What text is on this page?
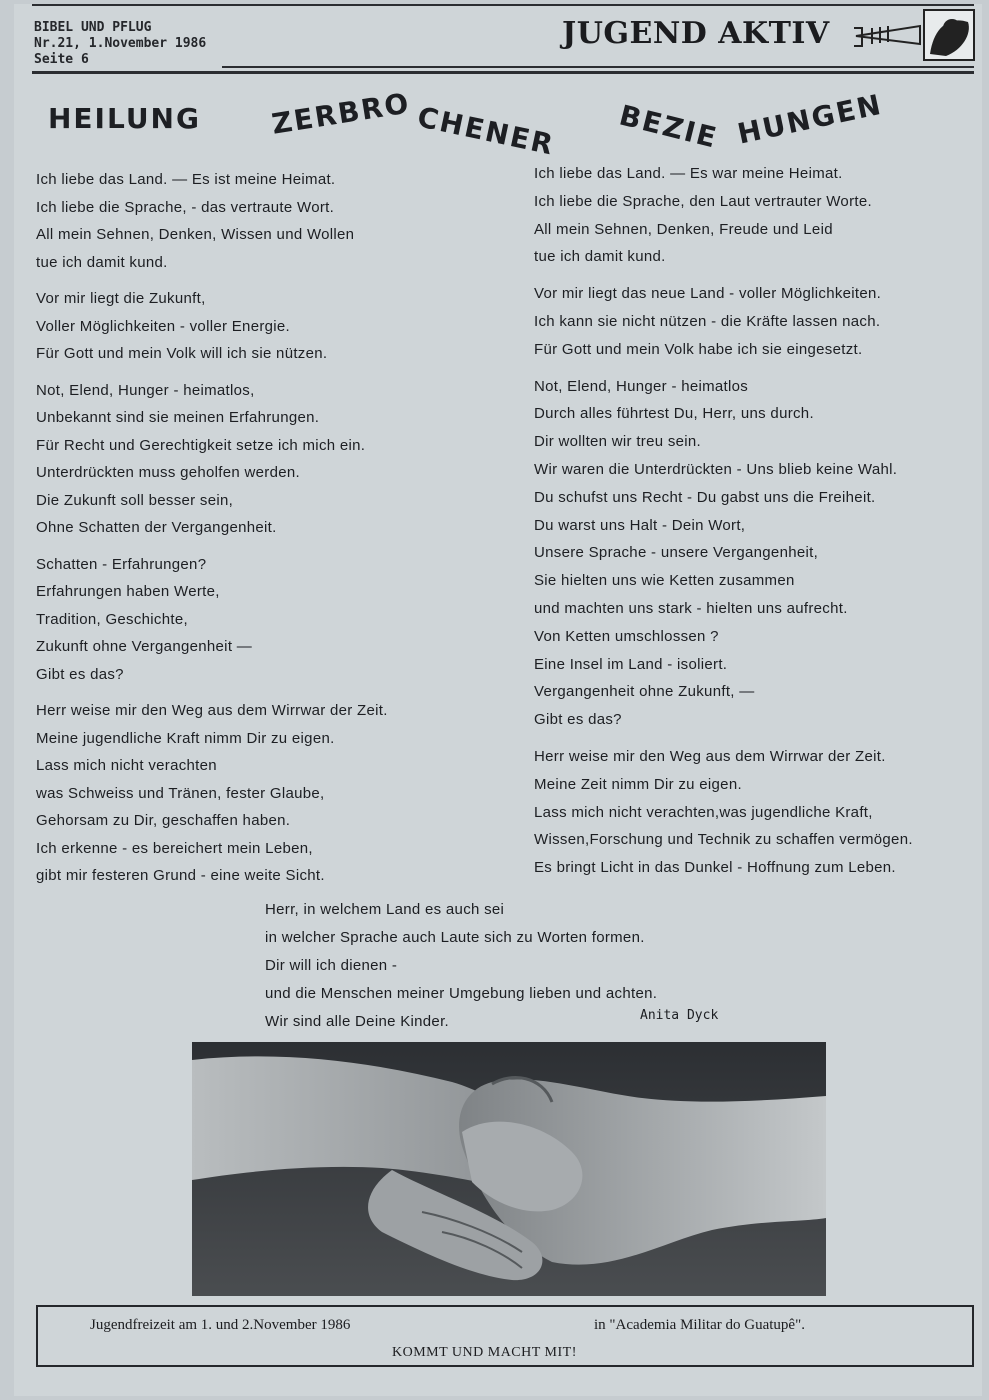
BIBEL UND PFLUG
Nr.21, 1.November 1986
Seite 6
JUGEND AKTIV
HEILUNG ZERBRO CHENER BEZIE HUNGEN
Ich liebe das Land. — Es ist meine Heimat.
Ich liebe die Sprache, - das vertraute Wort.
All mein Sehnen, Denken, Wissen und Wollen
tue ich damit kund.
Vor mir liegt die Zukunft,
Voller Möglichkeiten - voller Energie.
Für Gott und mein Volk will ich sie nützen.
Not, Elend, Hunger - heimatlos,
Unbekannt sind sie meinen Erfahrungen.
Für Recht und Gerechtigkeit setze ich mich ein.
Unterdrückten muss geholfen werden.
Die Zukunft soll besser sein,
Ohne Schatten der Vergangenheit.
Schatten - Erfahrungen?
Erfahrungen haben Werte,
Tradition, Geschichte,
Zukunft ohne Vergangenheit —
Gibt es das?
Herr weise mir den Weg aus dem Wirrwar der Zeit.
Meine jugendliche Kraft nimm Dir zu eigen.
Lass mich nicht verachten
was Schweiss und Tränen, fester Glaube,
Gehorsam zu Dir, geschaffen haben.
Ich erkenne - es bereichert mein Leben,
gibt mir festeren Grund - eine weite Sicht.
Ich liebe das Land. — Es war meine Heimat.
Ich liebe die Sprache, den Laut vertrauter Worte.
All mein Sehnen, Denken, Freude und Leid
tue ich damit kund.
Vor mir liegt das neue Land - voller Möglichkeiten.
Ich kann sie nicht nützen - die Kräfte lassen nach.
Für Gott und mein Volk habe ich sie eingesetzt.
Not, Elend, Hunger - heimatlos
Durch alles führtest Du, Herr, uns durch.
Dir wollten wir treu sein.
Wir waren die Unterdrückten - Uns blieb keine Wahl.
Du schufst uns Recht - Du gabst uns die Freiheit.
Du warst uns Halt - Dein Wort,
Unsere Sprache - unsere Vergangenheit,
Sie hielten uns wie Ketten zusammen
und machten uns stark - hielten uns aufrecht.
Von Ketten umschlossen ?
Eine Insel im Land - isoliert.
Vergangenheit ohne Zukunft, —
Gibt es das?
Herr weise mir den Weg aus dem Wirrwar der Zeit.
Meine Zeit nimm Dir zu eigen.
Lass mich nicht verachten,was jugendliche Kraft,
Wissen,Forschung und Technik zu schaffen vermögen.
Es bringt Licht in das Dunkel - Hoffnung zum Leben.
Herr, in welchem Land es auch sei
in welcher Sprache auch Laute sich zu Worten formen.
Dir will ich dienen -
und die Menschen meiner Umgebung lieben und achten.
Wir sind alle Deine Kinder.	Anita Dyck
Jugendfreizeit am 1. und 2.November 1986	in "Academia Militar do Guatupê".
KOMMT UND MACHT MIT!
